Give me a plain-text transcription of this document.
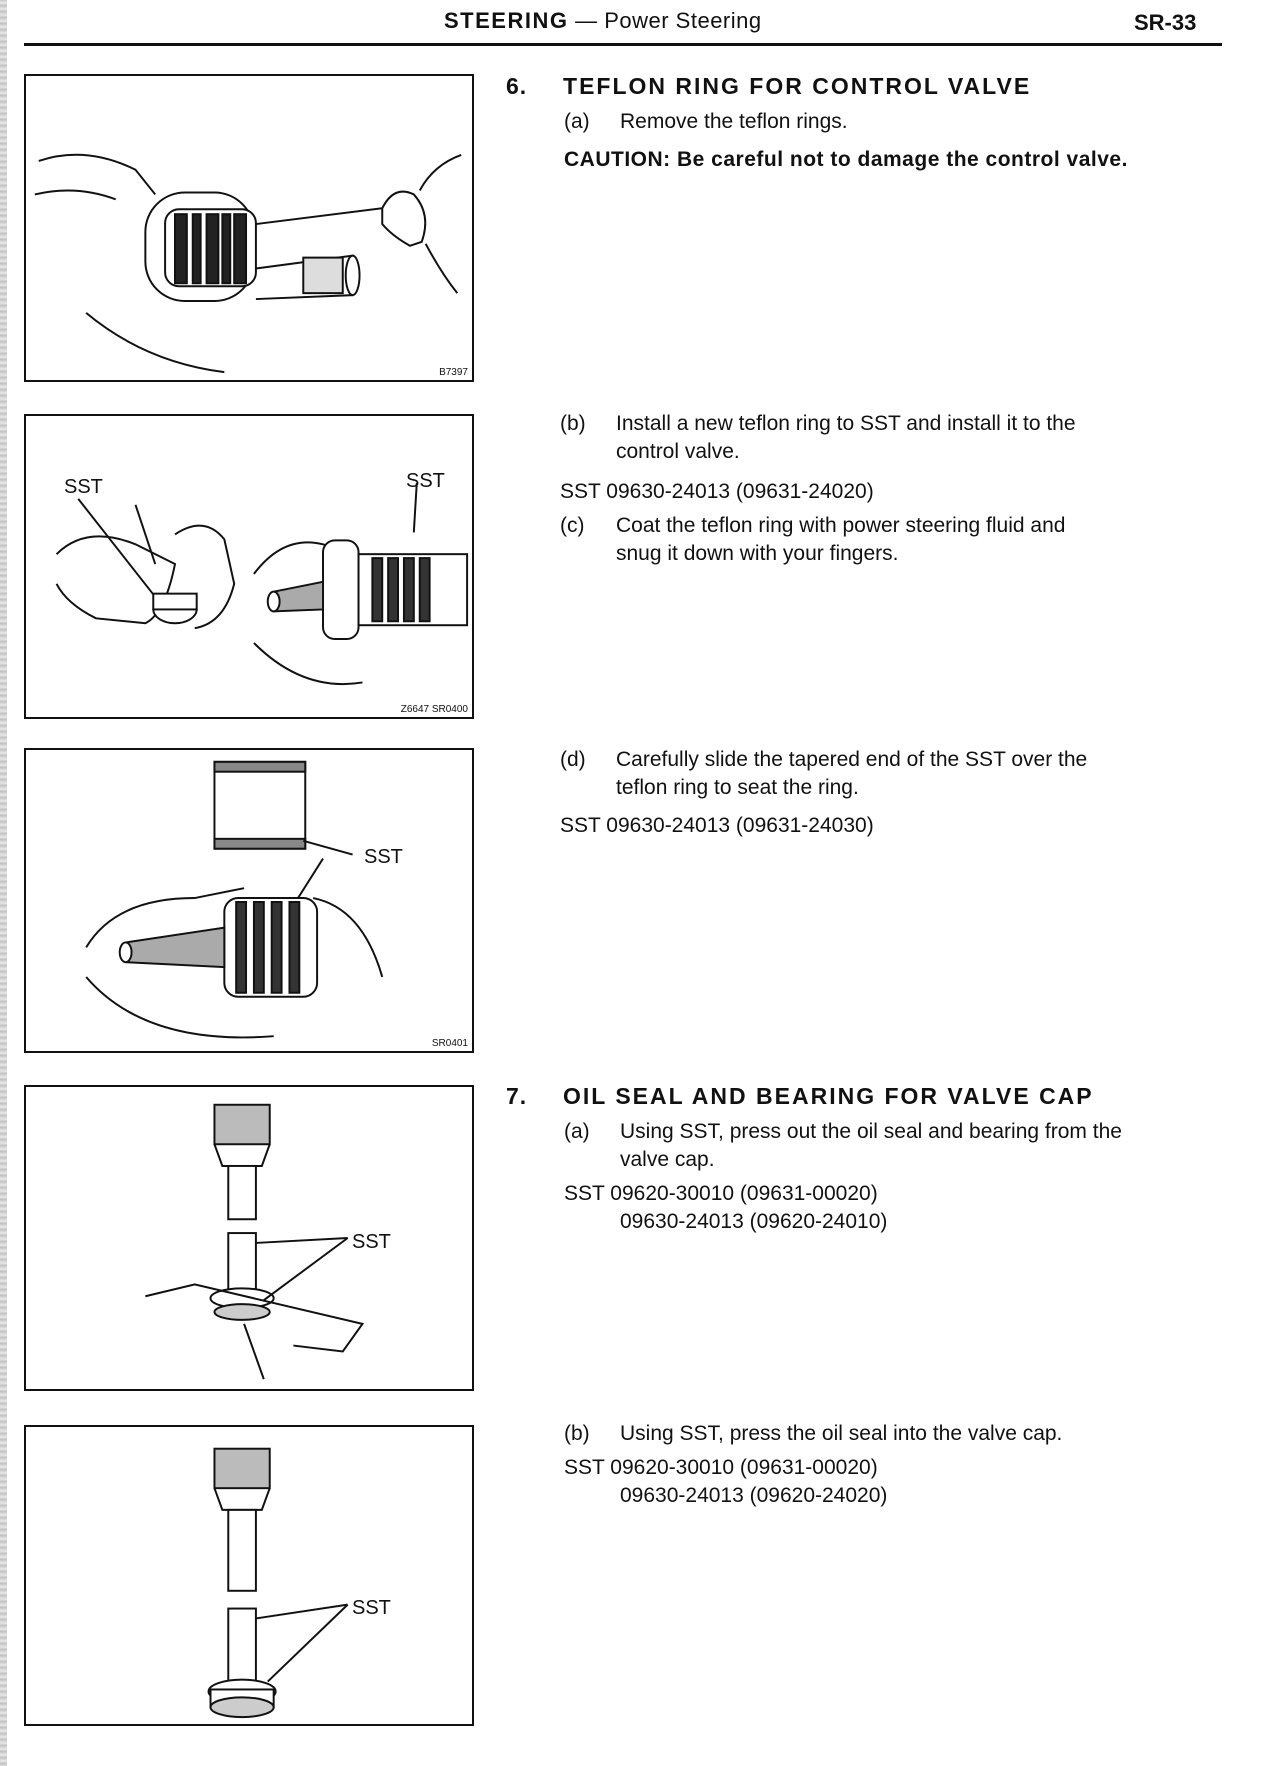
STEERING — Power Steering	SR-33
B7397
SST	SST
Z6647 SR0400
SST
SR0401
SST
SST
6. TEFLON RING FOR CONTROL VALVE
(a) Remove the teflon rings.
CAUTION: Be careful not to damage the control valve.
(b) Install a new teflon ring to SST and install it to the
control valve.
SST 09630-24013 (09631-24020)
(c) Coat the teflon ring with power steering fluid and
snug it down with your fingers.
(d) Carefully slide the tapered end of the SST over the
teflon ring to seat the ring.
SST 09630-24013 (09631-24030)
7. OIL SEAL AND BEARING FOR VALVE CAP
(a) Using SST, press out the oil seal and bearing from the
valve cap.
SST 09620-30010 (09631-00020)
09630-24013 (09620-24010)
(b) Using SST, press the oil seal into the valve cap.
SST 09620-30010 (09631-00020)
09630-24013 (09620-24020)
